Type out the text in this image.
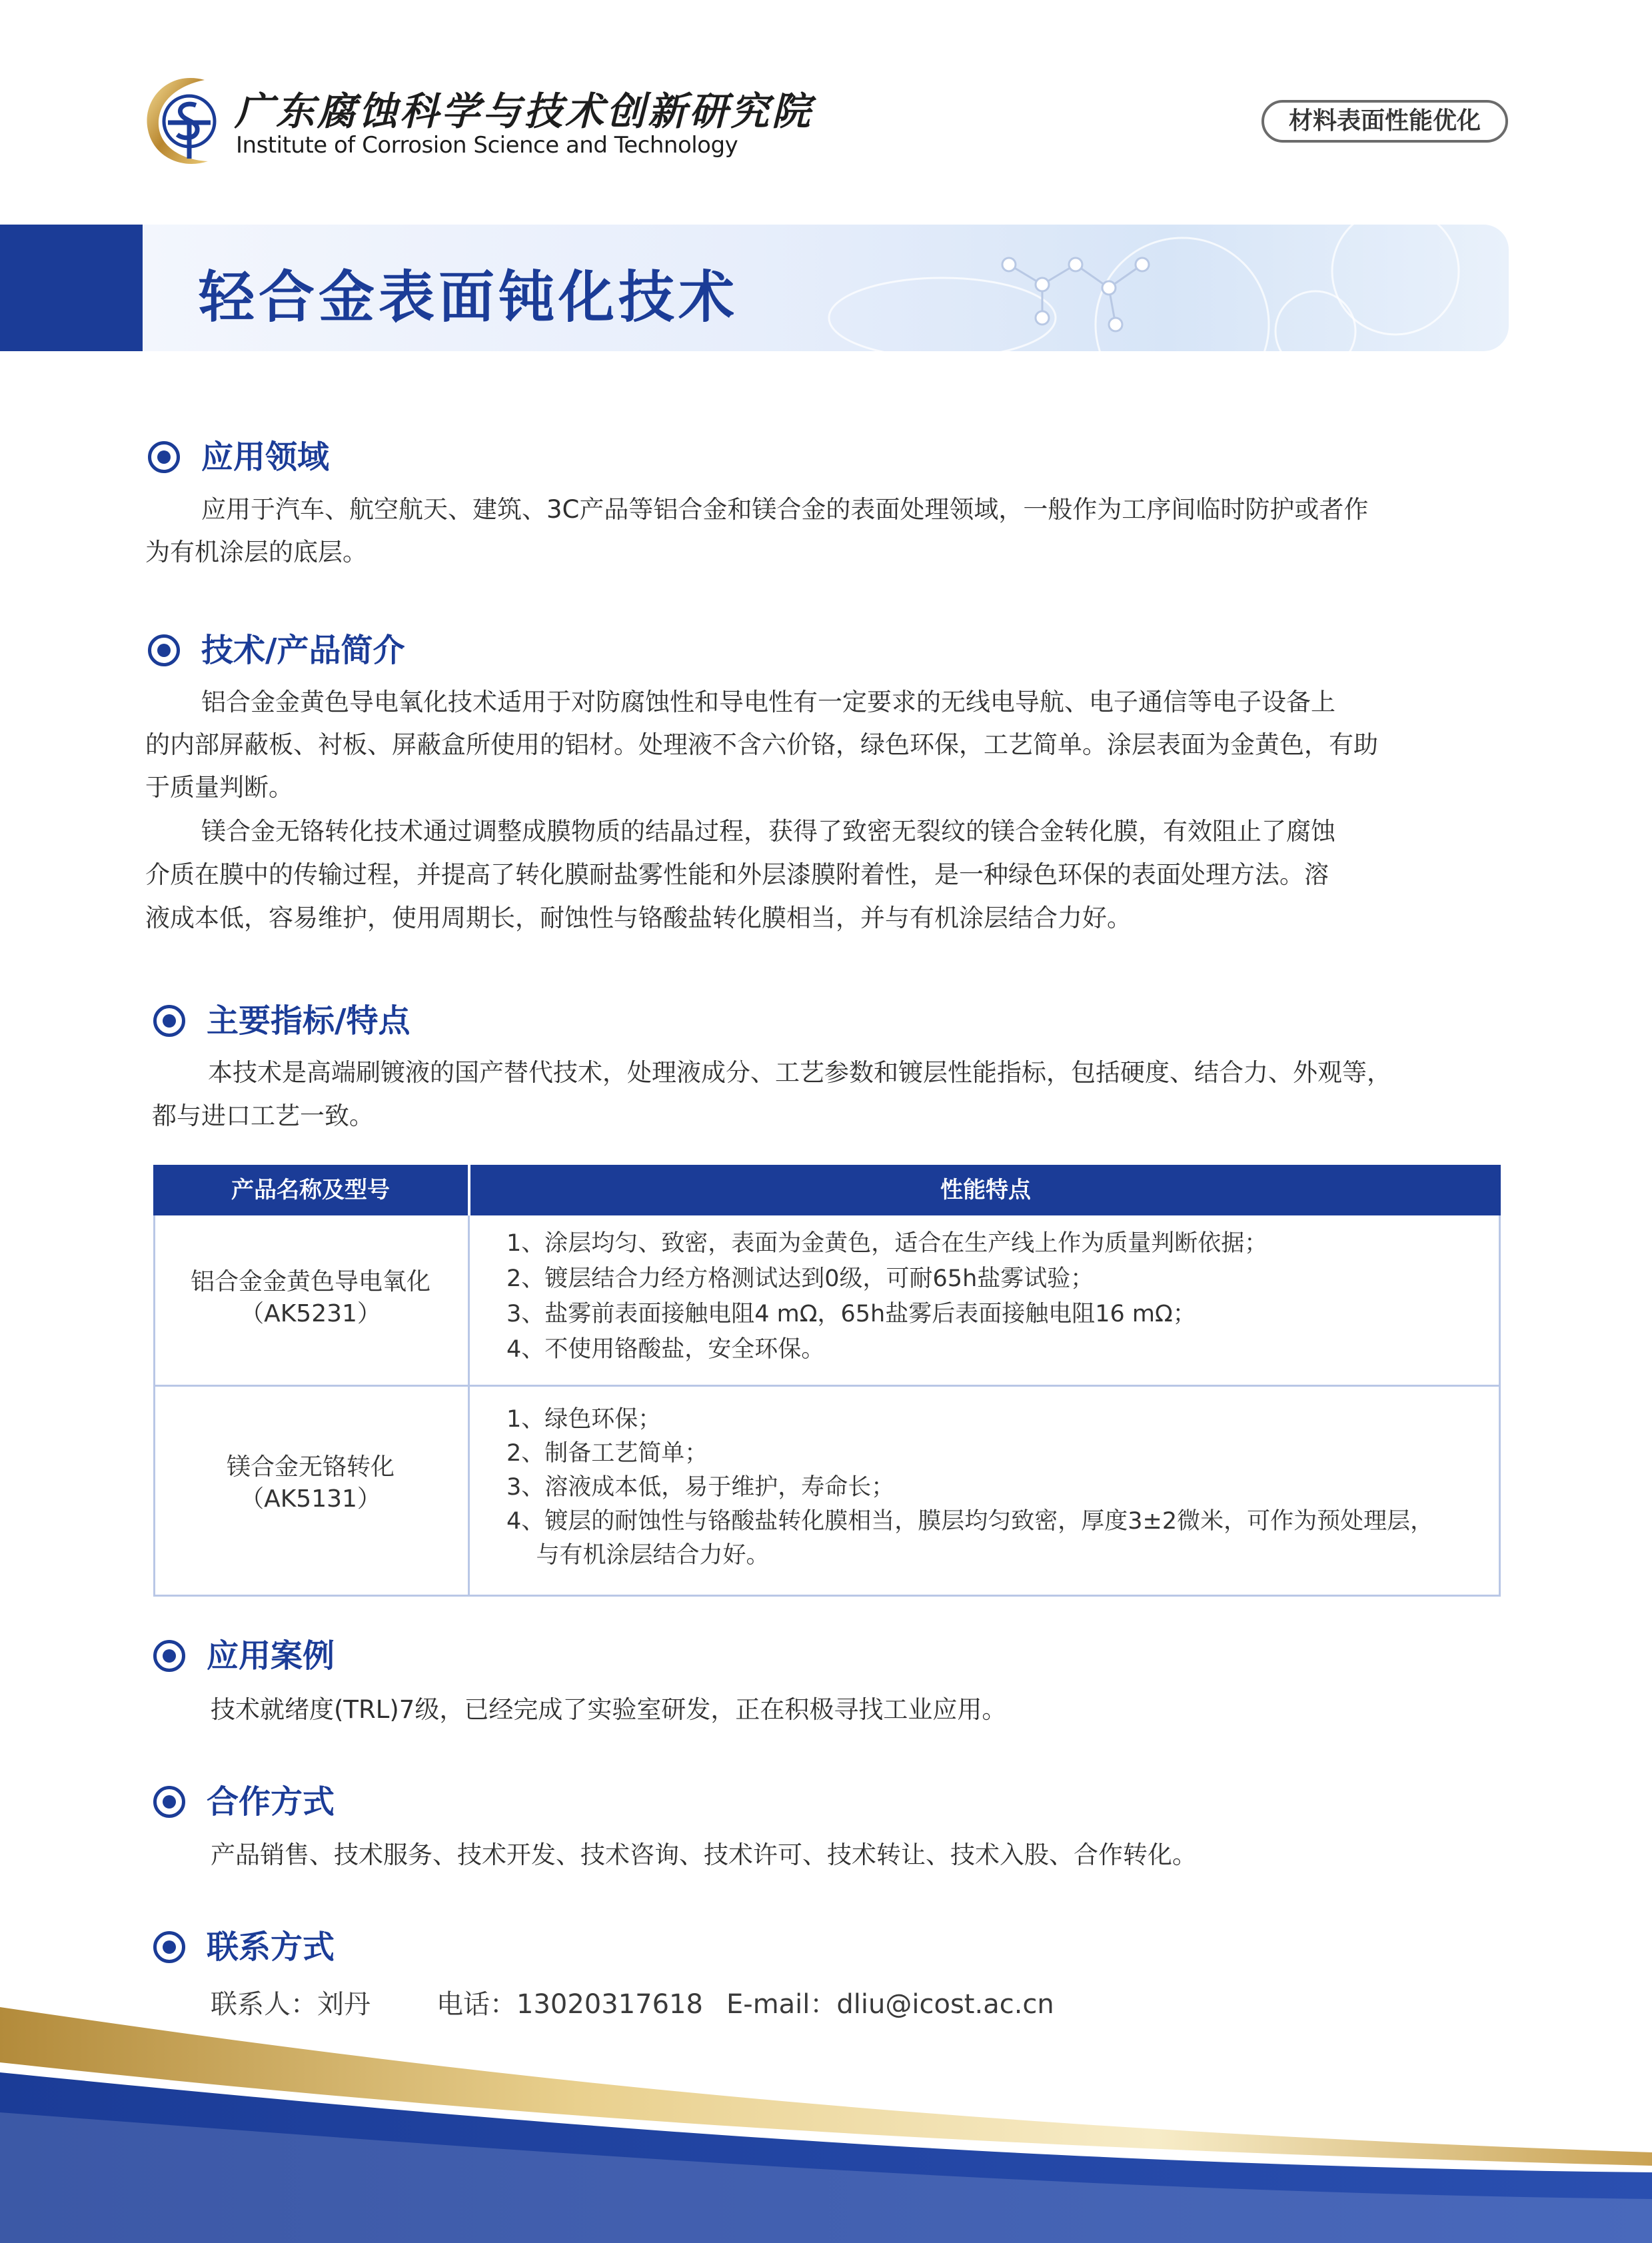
广东腐蚀科学与技术创新研究院
Institute of Corrosion Science and Technology
材料表面性能优化
轻合金表面钝化技术
应用领域
应用于汽车、航空航天、建筑、3C产品等铝合金和镁合金的表面处理领域，一般作为工序间临时防护或者作
为有机涂层的底层。
技术/产品简介
铝合金金黄色导电氧化技术适用于对防腐蚀性和导电性有一定要求的无线电导航、电子通信等电子设备上
的内部屏蔽板、衬板、屏蔽盒所使用的铝材。处理液不含六价铬，绿色环保，工艺简单。涂层表面为金黄色，有助
于质量判断。
镁合金无铬转化技术通过调整成膜物质的结晶过程，获得了致密无裂纹的镁合金转化膜，有效阻止了腐蚀
介质在膜中的传输过程，并提高了转化膜耐盐雾性能和外层漆膜附着性，是一种绿色环保的表面处理方法。溶
液成本低，容易维护，使用周期长，耐蚀性与铬酸盐转化膜相当，并与有机涂层结合力好。
主要指标/特点
本技术是高端刷镀液的国产替代技术，处理液成分、工艺参数和镀层性能指标，包括硬度、结合力、外观等，
都与进口工艺一致。
产品名称及型号	性能特点
铝合金金黄色导电氧化
（AK5231）
1、涂层均匀、致密，表面为金黄色，适合在生产线上作为质量判断依据；
2、镀层结合力经方格测试达到0级，可耐65h盐雾试验；
3、盐雾前表面接触电阻4 mΩ，65h盐雾后表面接触电阻16 mΩ；
4、不使用铬酸盐，安全环保。
镁合金无铬转化
（AK5131）
1、绿色环保；
2、制备工艺简单；
3、溶液成本低，易于维护，寿命长；
4、镀层的耐蚀性与铬酸盐转化膜相当，膜层均匀致密，厚度3±2微米，可作为预处理层，
与有机涂层结合力好。
应用案例
技术就绪度(TRL)7级，已经完成了实验室研发，正在积极寻找工业应用。
合作方式
产品销售、技术服务、技术开发、技术咨询、技术许可、技术转让、技术入股、合作转化。
联系方式
联系人：刘丹 电话：13020317618 E-mail：dliu@icost.ac.cn
